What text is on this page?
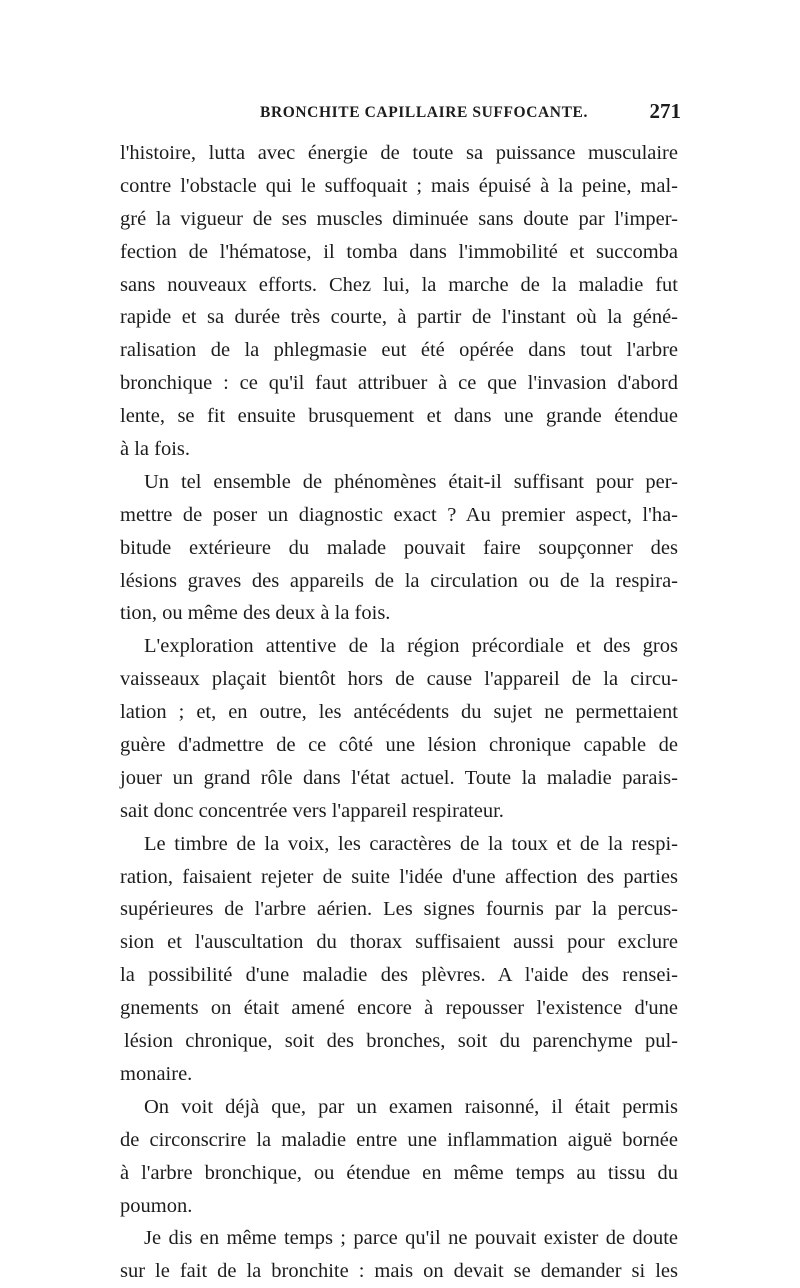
BRONCHITE CAPILLAIRE SUFFOCANTE.	271
l'histoire, lutta avec énergie de toute sa puissance musculaire
contre l'obstacle qui le suffoquait ; mais épuisé à la peine, mal-
gré la vigueur de ses muscles diminuée sans doute par l'imper-
fection de l'hématose, il tomba dans l'immobilité et succomba
sans nouveaux efforts. Chez lui, la marche de la maladie fut
rapide et sa durée très courte, à partir de l'instant où la géné-
ralisation de la phlegmasie eut été opérée dans tout l'arbre
bronchique : ce qu'il faut attribuer à ce que l'invasion d'abord
lente, se fit ensuite brusquement et dans une grande étendue
à la fois.
Un tel ensemble de phénomènes était-il suffisant pour per-
mettre de poser un diagnostic exact ? Au premier aspect, l'ha-
bitude extérieure du malade pouvait faire soupçonner des
lésions graves des appareils de la circulation ou de la respira-
tion, ou même des deux à la fois.
L'exploration attentive de la région précordiale et des gros
vaisseaux plaçait bientôt hors de cause l'appareil de la circu-
lation ; et, en outre, les antécédents du sujet ne permettaient
guère d'admettre de ce côté une lésion chronique capable de
jouer un grand rôle dans l'état actuel. Toute la maladie parais-
sait donc concentrée vers l'appareil respirateur.
Le timbre de la voix, les caractères de la toux et de la respi-
ration, faisaient rejeter de suite l'idée d'une affection des parties
supérieures de l'arbre aérien. Les signes fournis par la percus-
sion et l'auscultation du thorax suffisaient aussi pour exclure
la possibilité d'une maladie des plèvres. A l'aide des rensei-
gnements on était amené encore à repousser l'existence d'une
lésion chronique, soit des bronches, soit du parenchyme pul-
monaire.
On voit déjà que, par un examen raisonné, il était permis
de circonscrire la maladie entre une inflammation aiguë bornée
à l'arbre bronchique, ou étendue en même temps au tissu du
poumon.
Je dis en même temps ; parce qu'il ne pouvait exister de doute
sur le fait de la bronchite : mais on devait se demander si les
